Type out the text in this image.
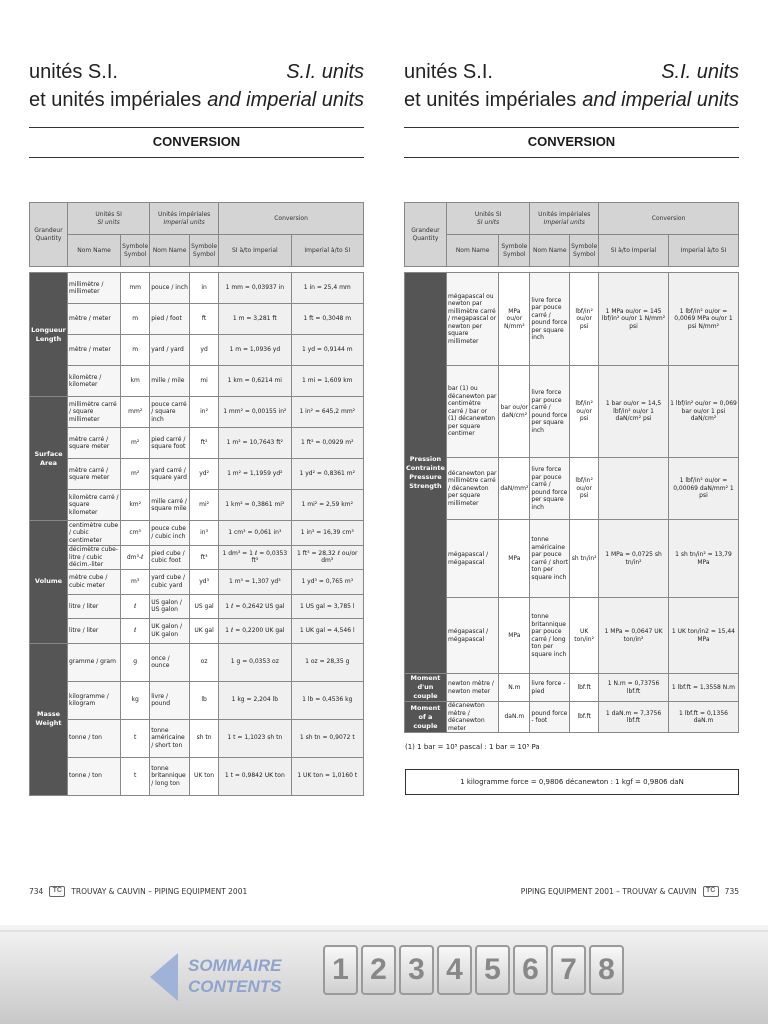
unités S.I.
et unités impériales
S.I. units
and imperial units
CONVERSION
Grandeur
Quantity	Unités SI
SI units		Unités impériales
Imperial units		Conversion	
	Nom Name	Symbole Symbol	Nom Name	Symbole Symbol	SI à/to Imperial	Imperial à/to SI

Longueur Length	millimètre / millimeter	mm	pouce / inch	in	1 mm = 0,03937 in	1 in = 25,4 mm
	mètre / meter	m	pied / foot	ft	1 m = 3,281 ft	1 ft = 0,3048 m
	mètre / meter	m	yard / yard	yd	1 m = 1,0936 yd	1 yd = 0,9144 m
	kilomètre / kilometer	km	mille / mile	mi	1 km = 0,6214 mi	1 mi = 1,609 km
Surface Area	millimètre carré / square millimeter	mm²	pouce carré / square inch	in²	1 mm² = 0,00155 in²	1 in² = 645,2 mm²
	mètre carré / square meter	m²	pied carré / square foot	ft²	1 m² = 10,7643 ft²	1 ft² = 0,0929 m²
	mètre carré / square meter	m²	yard carré / square yard	yd²	1 m² = 1,1959 yd²	1 yd² = 0,8361 m²
	kilomètre carré / square kilometer	km²	mille carré / square mile	mi²	1 km² = 0,3861 mi²	1 mi² = 2,59 km²
Volume	centimètre cube / cubic centimeter	cm³	pouce cube / cubic inch	in³	1 cm³ = 0,061 in³	1 in³ = 16,39 cm³
	décimètre cube-litre / cubic décim.-liter	dm³-ℓ	pied cube / cubic foot	ft³	1 dm³ = 1 ℓ = 0,0353 ft³	1 ft³ = 28,32 ℓ ou/or dm³
	mètre cube / cubic meter	m³	yard cube / cubic yard	yd³	1 m³ = 1,307 yd³	1 yd³ = 0,765 m³
	litre / liter	ℓ	US galon / US galon	US gal	1 ℓ = 0,2642 US gal	1 US gal = 3,785 l
	litre / liter	ℓ	UK galon / UK galon	UK gal	1 ℓ = 0,2200 UK gal	1 UK gal = 4,546 l
Masse Weight	gramme / gram	g	once / ounce	oz	1 g = 0,0353 oz	1 oz = 28,35 g
	kilogramme / kilogram	kg	livre / pound	lb	1 kg = 2,204 lb	1 lb = 0,4536 kg
	tonne / ton	t	tonne américaine / short ton	sh tn	1 t = 1,1023 sh tn	1 sh tn = 0,9072 t
	tonne / ton	t	tonne britannique / long ton	UK ton	1 t = 0,9842 UK ton	1 UK ton = 1,0160 t
734	TC	TROUVAY & CAUVIN – PIPING EQUIPMENT 2001
unités S.I.
et unités impériales
S.I. units
and imperial units
CONVERSION
Grandeur
Quantity	Unités SI
SI units		Unités impériales
Imperial units		Conversion	
	Nom Name	Symbole Symbol	Nom Name	Symbole Symbol	SI à/to Imperial	Imperial à/to SI

Pression Contrainte Pressure Strength	mégapascal ou newton par millimètre carré / megapascal or newton per square millimeter	MPa ou/or N/mm²	livre force par pouce carré / pound force per square inch	lbf/in² ou/or psi	1 MPa ou/or = 145 lbf/in² ou/or 1 N/mm² psi	1 lbf/in² ou/or = 0,0069 MPa ou/or 1 psi N/mm²
	bar (1) ou décanewton par centimètre carré / bar or (1) décanewton per square centimer	bar ou/or daN/cm²	livre force par pouce carré / pound force per square inch	lbf/in² ou/or psi	1 bar ou/or = 14,5 lbf/in² ou/or 1 daN/cm² psi	1 lbf/in² ou/or = 0,069 bar ou/or 1 psi daN/cm²
	décanewton par millimètre carré / décanewton per square millimeter	daN/mm²	livre force par pouce carré / pound force per square inch	lbf/in² ou/or psi		1 lbf/in² ou/or = 0,00069 daN/mm² 1 psi
	mégapascal / mégapascal	MPa	tonne américaine par pouce carré / short ton per square inch	sh tn/in²	1 MPa = 0,0725 sh tn/in²	1 sh tn/in² = 13,79 MPa
	mégapascal / mégapascal	MPa	tonne britannique par pouce carré / long ton per square inch	UK ton/in²	1 MPa = 0,0647 UK ton/in²	1 UK ton/in2 = 15,44 MPa
Moment d'un couple	newton mètre / newton meter	N.m	livre force - pied	lbf.ft	1 N.m = 0,73756 lbf.ft	1 lbf.ft = 1,3558 N.m
Moment of a couple	décanewton mètre / décanewton meter	daN.m	pound force - foot	lbf.ft	1 daN.m = 7,3756 lbf.ft	1 lbf.ft = 0,1356 daN.m
(1) 1 bar = 10⁵ pascal : 1 bar = 10⁵ Pa
1 kilogramme force = 0,9806 décanewton : 1 kgf = 0,9806 daN
PIPING EQUIPMENT 2001 – TROUVAY & CAUVIN	TC	735
SOMMAIRE
CONTENTS
1 2 3 4 5 6 7 8
